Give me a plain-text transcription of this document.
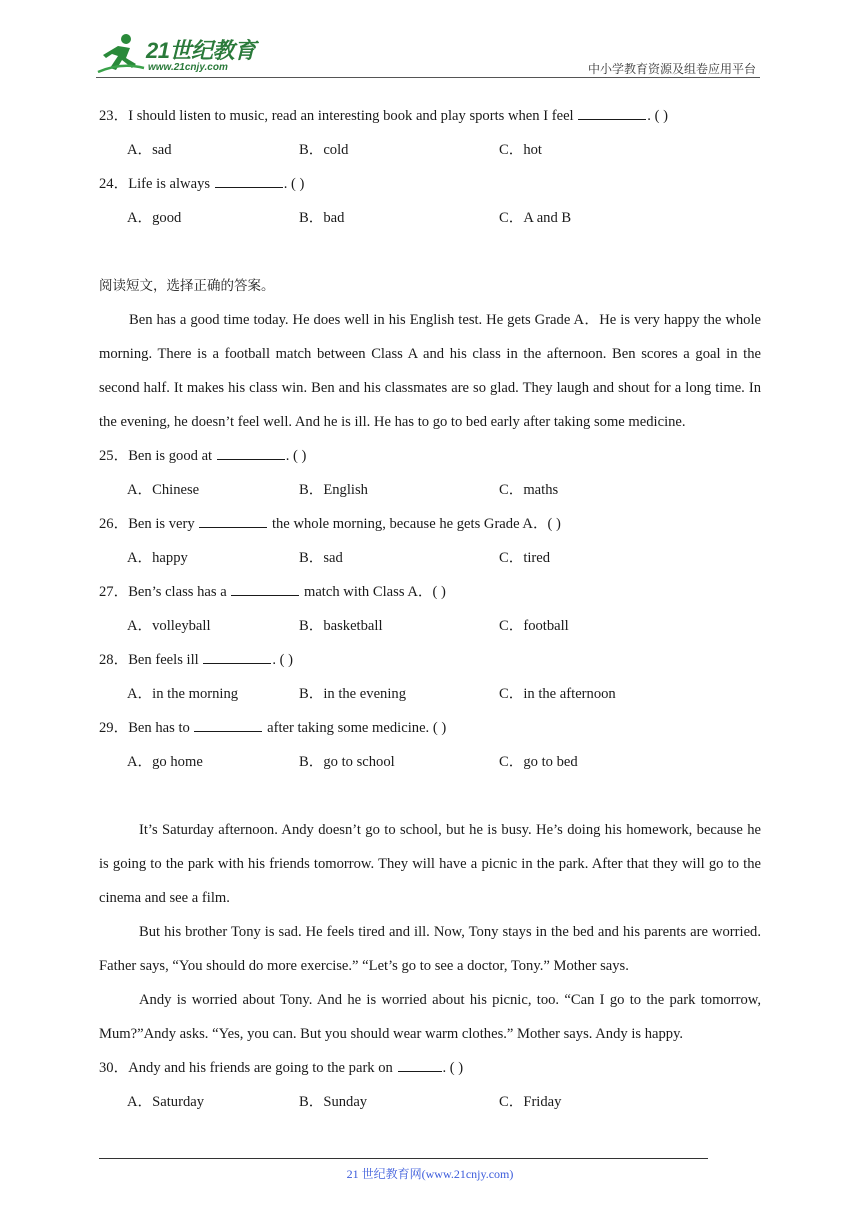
21世纪教育
www.21cnjy.com	中小学教育资源及组卷应用平台
23．I should listen to music, read an interesting book and play sports when I feel	. ( )
A．sad	B．cold	C．hot
24．Life is always	. ( )
A．good	B．bad	C．A and B
阅读短文，选择正确的答案。
Ben has a good time today. He does well in his English test. He gets Grade A．He is very happy the whole morning. There is a football match between Class A and his class in the afternoon. Ben scores a goal in the second half. It makes his class win. Ben and his classmates are so glad. They laugh and shout for a long time. In the evening, he doesn’t feel well. And he is ill. He has to go to bed early after taking some medicine.
25．Ben is good at	. ( )
A．Chinese	B．English	C．maths
26．Ben is very	the whole morning, because he gets Grade A．( )
A．happy	B．sad	C．tired
27．Ben’s class has a	match with Class A．( )
A．volleyball	B．basketball	C．football
28．Ben feels ill	. ( )
A．in the morning	B．in the evening	C．in the afternoon
29．Ben has to	after taking some medicine. ( )
A．go home	B．go to school	C．go to bed
It’s Saturday afternoon. Andy doesn’t go to school, but he is busy. He’s doing his homework, because he is going to the park with his friends tomorrow. They will have a picnic in the park. After that they will go to the cinema and see a film.
But his brother Tony is sad. He feels tired and ill. Now, Tony stays in the bed and his parents are worried. Father says, “You should do more exercise.” “Let’s go to see a doctor, Tony.” Mother says.
Andy is worried about Tony. And he is worried about his picnic, too. “Can I go to the park tomorrow, Mum?”Andy asks. “Yes, you can. But you should wear warm clothes.” Mother says. Andy is happy.
30．Andy and his friends are going to the park on	. ( )
A．Saturday	B．Sunday	C．Friday
21 世纪教育网(www.21cnjy.com)
